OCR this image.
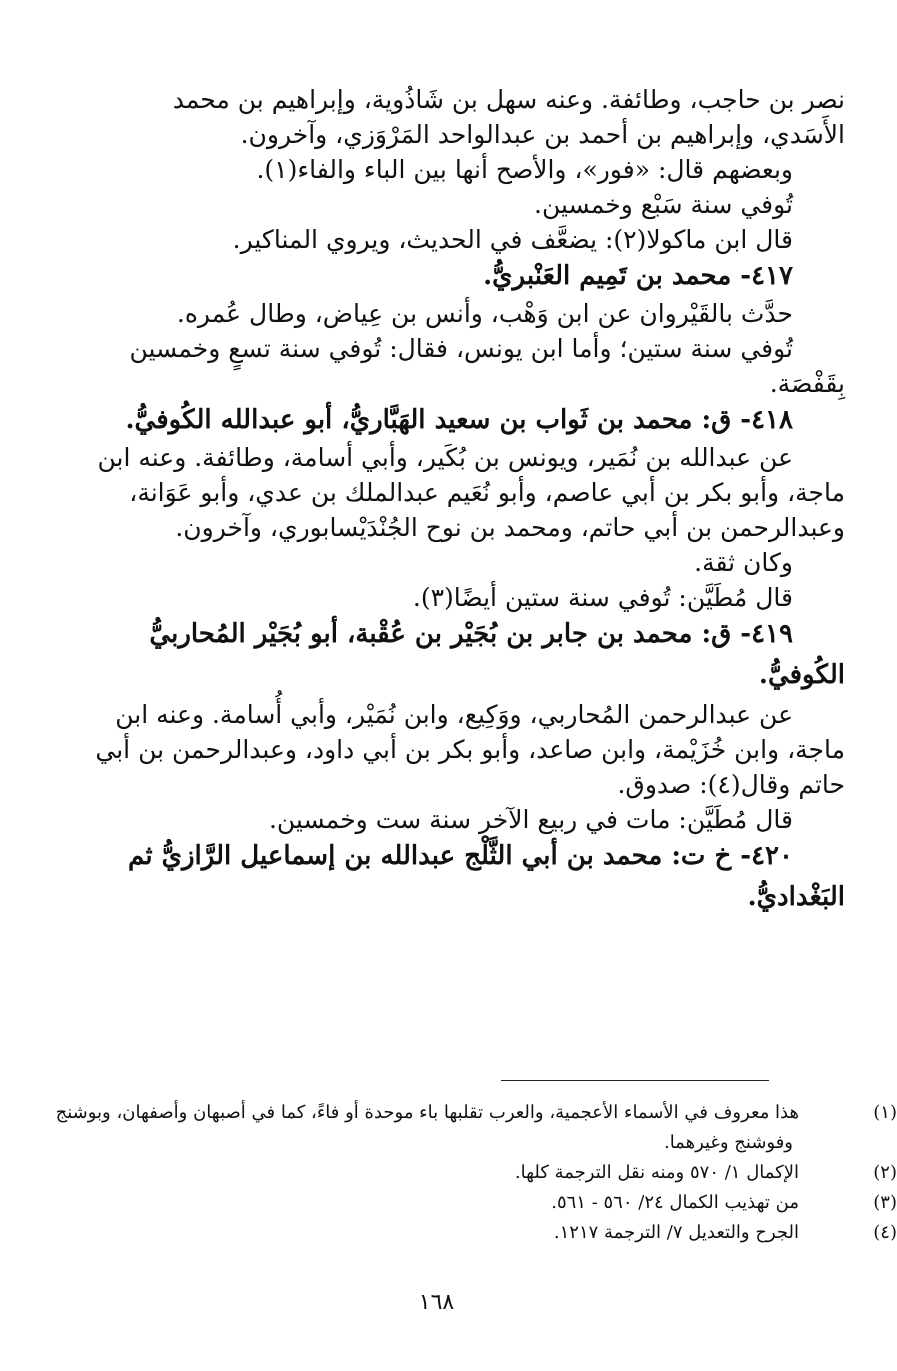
نصر بن حاجب، وطائفة. وعنه سهل بن شَاذُوية، وإبراهيم بن محمد

الأَسَدي، وإبراهيم بن أحمد بن عبدالواحد المَرْوَزي، وآخرون.

وبعضهم قال: «فور»، والأصح أنها بين الباء والفاء(١).

تُوفي سنة سَبْع وخمسين.

قال ابن ماكولا(٢): يضعَّف في الحديث، ويروي المناكير.

٤١٧- محمد بن تَمِيم العَنْبريُّ.

حدَّث بالقَيْروان عن ابن وَهْب، وأنس بن عِياض، وطال عُمره.

تُوفي سنة ستين؛ وأما ابن يونس، فقال: تُوفي سنة تسعٍ وخمسين

بِقَفْصَة.

٤١٨- ق: محمد بن ثَواب بن سعيد الهَبَّاريُّ، أبو عبدالله الكُوفيُّ.

عن عبدالله بن نُمَير، ويونس بن بُكَير، وأبي أسامة، وطائفة. وعنه ابن

ماجة، وأبو بكر بن أبي عاصم، وأبو نُعَيم عبدالملك بن عدي، وأبو عَوَانة،

وعبدالرحمن بن أبي حاتم، ومحمد بن نوح الجُنْدَيْسابوري، وآخرون.

وكان ثقة.

قال مُطَيَّن: تُوفي سنة ستين أيضًا(٣).

٤١٩- ق: محمد بن جابر بن بُجَيْر بن عُقْبة، أبو بُجَيْر المُحاربيُّ

الكُوفيُّ.

عن عبدالرحمن المُحاربي، ووَكِيع، وابن نُمَيْر، وأبي أُسامة. وعنه ابن

ماجة، وابن خُزَيْمة، وابن صاعد، وأبو بكر بن أبي داود، وعبدالرحمن بن أبي

حاتم وقال(٤): صدوق.

قال مُطَيَّن: مات في ربيع الآخر سنة ست وخمسين.

٤٢٠- خ ت: محمد بن أبي الثَّلْج عبدالله بن إسماعيل الرَّازيُّ ثم

البَغْداديُّ.

(١)هذا معروف في الأسماء الأعجمية، والعرب تقلبها باء موحدة أو فاءً، كما في أصبهان وأصفهان، وبوشنج وفوشنج وغيرهما.

(٢)الإكمال ١/ ٥٧٠ ومنه نقل الترجمة كلها.

(٣)من تهذيب الكمال ٢٤/ ٥٦٠ - ٥٦١.

(٤)الجرح والتعديل ٧/ الترجمة ١٢١٧.

١٦٨
